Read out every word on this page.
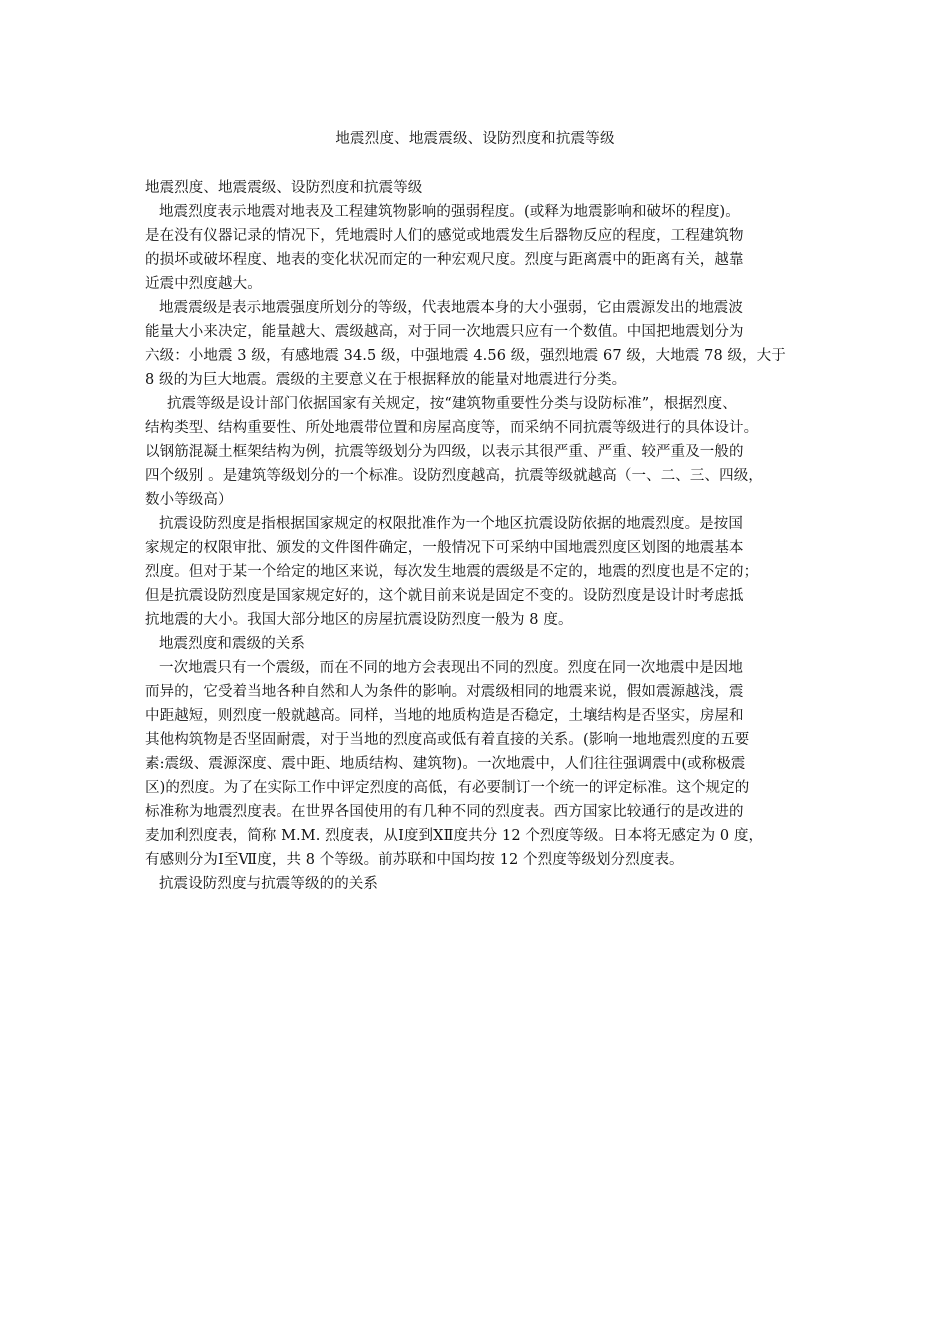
地震烈度、地震震级、设防烈度和抗震等级
地震烈度、地震震级、设防烈度和抗震等级
地震烈度表示地震对地表及工程建筑物影响的强弱程度。(或释为地震影响和破坏的程度)。
是在没有仪器记录的情况下，凭地震时人们的感觉或地震发生后器物反应的程度，工程建筑物
的损坏或破坏程度、地表的变化状况而定的一种宏观尺度。烈度与距离震中的距离有关，越靠
近震中烈度越大。
地震震级是表示地震强度所划分的等级，代表地震本身的大小强弱，它由震源发出的地震波
能量大小来决定，能量越大、震级越高，对于同一次地震只应有一个数值。中国把地震划分为
六级：小地震 3 级，有感地震 34.5 级，中强地震 4.56 级，强烈地震 67 级，大地震 78 级，大于
8 级的为巨大地震。震级的主要意义在于根据释放的能量对地震进行分类。
抗震等级是设计部门依据国家有关规定，按“建筑物重要性分类与设防标准”，根据烈度、
结构类型、结构重要性、所处地震带位置和房屋高度等，而采纳不同抗震等级进行的具体设计。
以钢筋混凝土框架结构为例，抗震等级划分为四级，以表示其很严重、严重、较严重及一般的
四个级别 。是建筑等级划分的一个标准。设防烈度越高，抗震等级就越高（一、二、三、四级，
数小等级高）
抗震设防烈度是指根据国家规定的权限批准作为一个地区抗震设防依据的地震烈度。是按国
家规定的权限审批、颁发的文件图件确定，一般情况下可采纳中国地震烈度区划图的地震基本
烈度。但对于某一个给定的地区来说，每次发生地震的震级是不定的，地震的烈度也是不定的；
但是抗震设防烈度是国家规定好的，这个就目前来说是固定不变的。设防烈度是设计时考虑抵
抗地震的大小。我国大部分地区的房屋抗震设防烈度一般为 8 度。
地震烈度和震级的关系
一次地震只有一个震级，而在不同的地方会表现出不同的烈度。烈度在同一次地震中是因地
而异的，它受着当地各种自然和人为条件的影响。对震级相同的地震来说，假如震源越浅，震
中距越短，则烈度一般就越高。同样，当地的地质构造是否稳定，土壤结构是否坚实，房屋和
其他构筑物是否坚固耐震，对于当地的烈度高或低有着直接的关系。(影响一地地震烈度的五要
素:震级、震源深度、震中距、地质结构、建筑物)。一次地震中，人们往往强调震中(或称极震
区)的烈度。为了在实际工作中评定烈度的高低，有必要制订一个统一的评定标准。这个规定的
标准称为地震烈度表。在世界各国使用的有几种不同的烈度表。西方国家比较通行的是改进的
麦加利烈度表，简称 M.M. 烈度表，从Ⅰ度到ⅩⅡ度共分 12 个烈度等级。日本将无感定为 0 度，
有感则分为Ⅰ至Ⅶ度，共 8 个等级。前苏联和中国均按 12 个烈度等级划分烈度表。
抗震设防烈度与抗震等级的的关系
